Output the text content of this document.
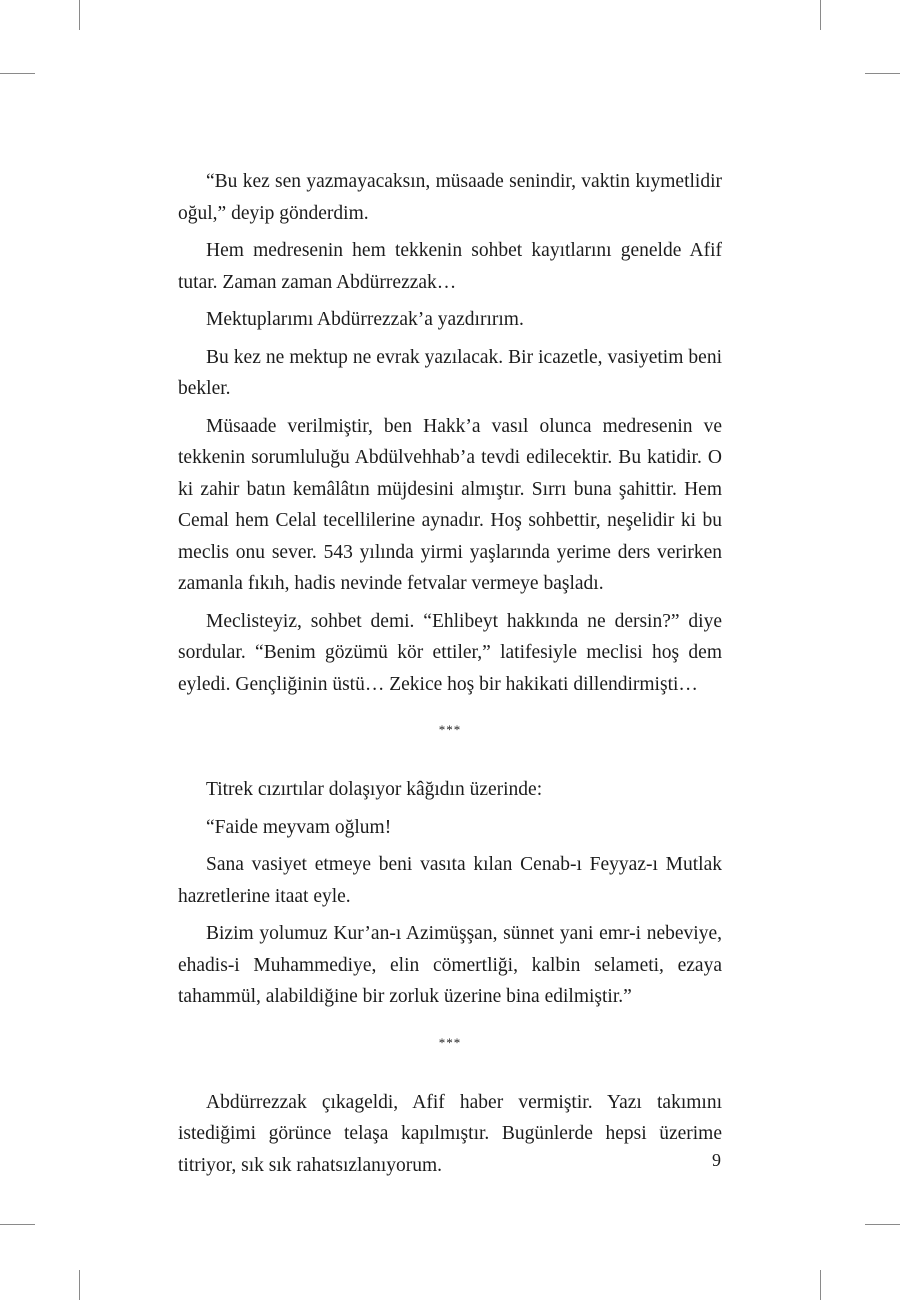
“Bu kez sen yazmayacaksın, müsaade senindir, vaktin kıymetlidir oğul,” deyip gönderdim.

Hem medresenin hem tekkenin sohbet kayıtlarını genelde Afif tutar. Zaman zaman Abdürrezzak…

Mektuplarımı Abdürrezzak’a yazdırırım.

Bu kez ne mektup ne evrak yazılacak. Bir icazetle, vasiyetim beni bekler.

Müsaade verilmiştir, ben Hakk’a vasıl olunca medresenin ve tekkenin sorumluluğu Abdülvehhab’a tevdi edilecektir. Bu katidir. O ki zahir batın kemâlâtın müjdesini almıştır. Sırrı buna şahittir. Hem Cemal hem Celal tecellilerine aynadır. Hoş sohbettir, neşelidir ki bu meclis onu sever. 543 yılında yirmi yaşlarında yerime ders verirken zamanla fıkıh, hadis nevinde fetvalar vermeye başladı.

Meclisteyiz, sohbet demi. “Ehlibeyt hakkında ne dersin?” diye sordular. “Benim gözümü kör ettiler,” latifesiyle meclisi hoş dem eyledi. Gençliğinin üstü… Zekice hoş bir hakikati dillendirmişti…

***

Titrek cızırtılar dolaşıyor kâğıdın üzerinde:

“Faide meyvam oğlum!

Sana vasiyet etmeye beni vasıta kılan Cenab-ı Feyyaz-ı Mutlak hazretlerine itaat eyle.

Bizim yolumuz Kur’an-ı Azimüşşan, sünnet yani emr-i nebeviye, ehadis-i Muhammediye, elin cömertliği, kalbin selameti, ezaya tahammül, alabildiğine bir zorluk üzerine bina edilmiştir.”

***

Abdürrezzak çıkageldi, Afif haber vermiştir. Yazı takımını istediğimi görünce telaşa kapılmıştır. Bugünlerde hepsi üzerime titriyor, sık sık rahatsızlanıyorum.	9
